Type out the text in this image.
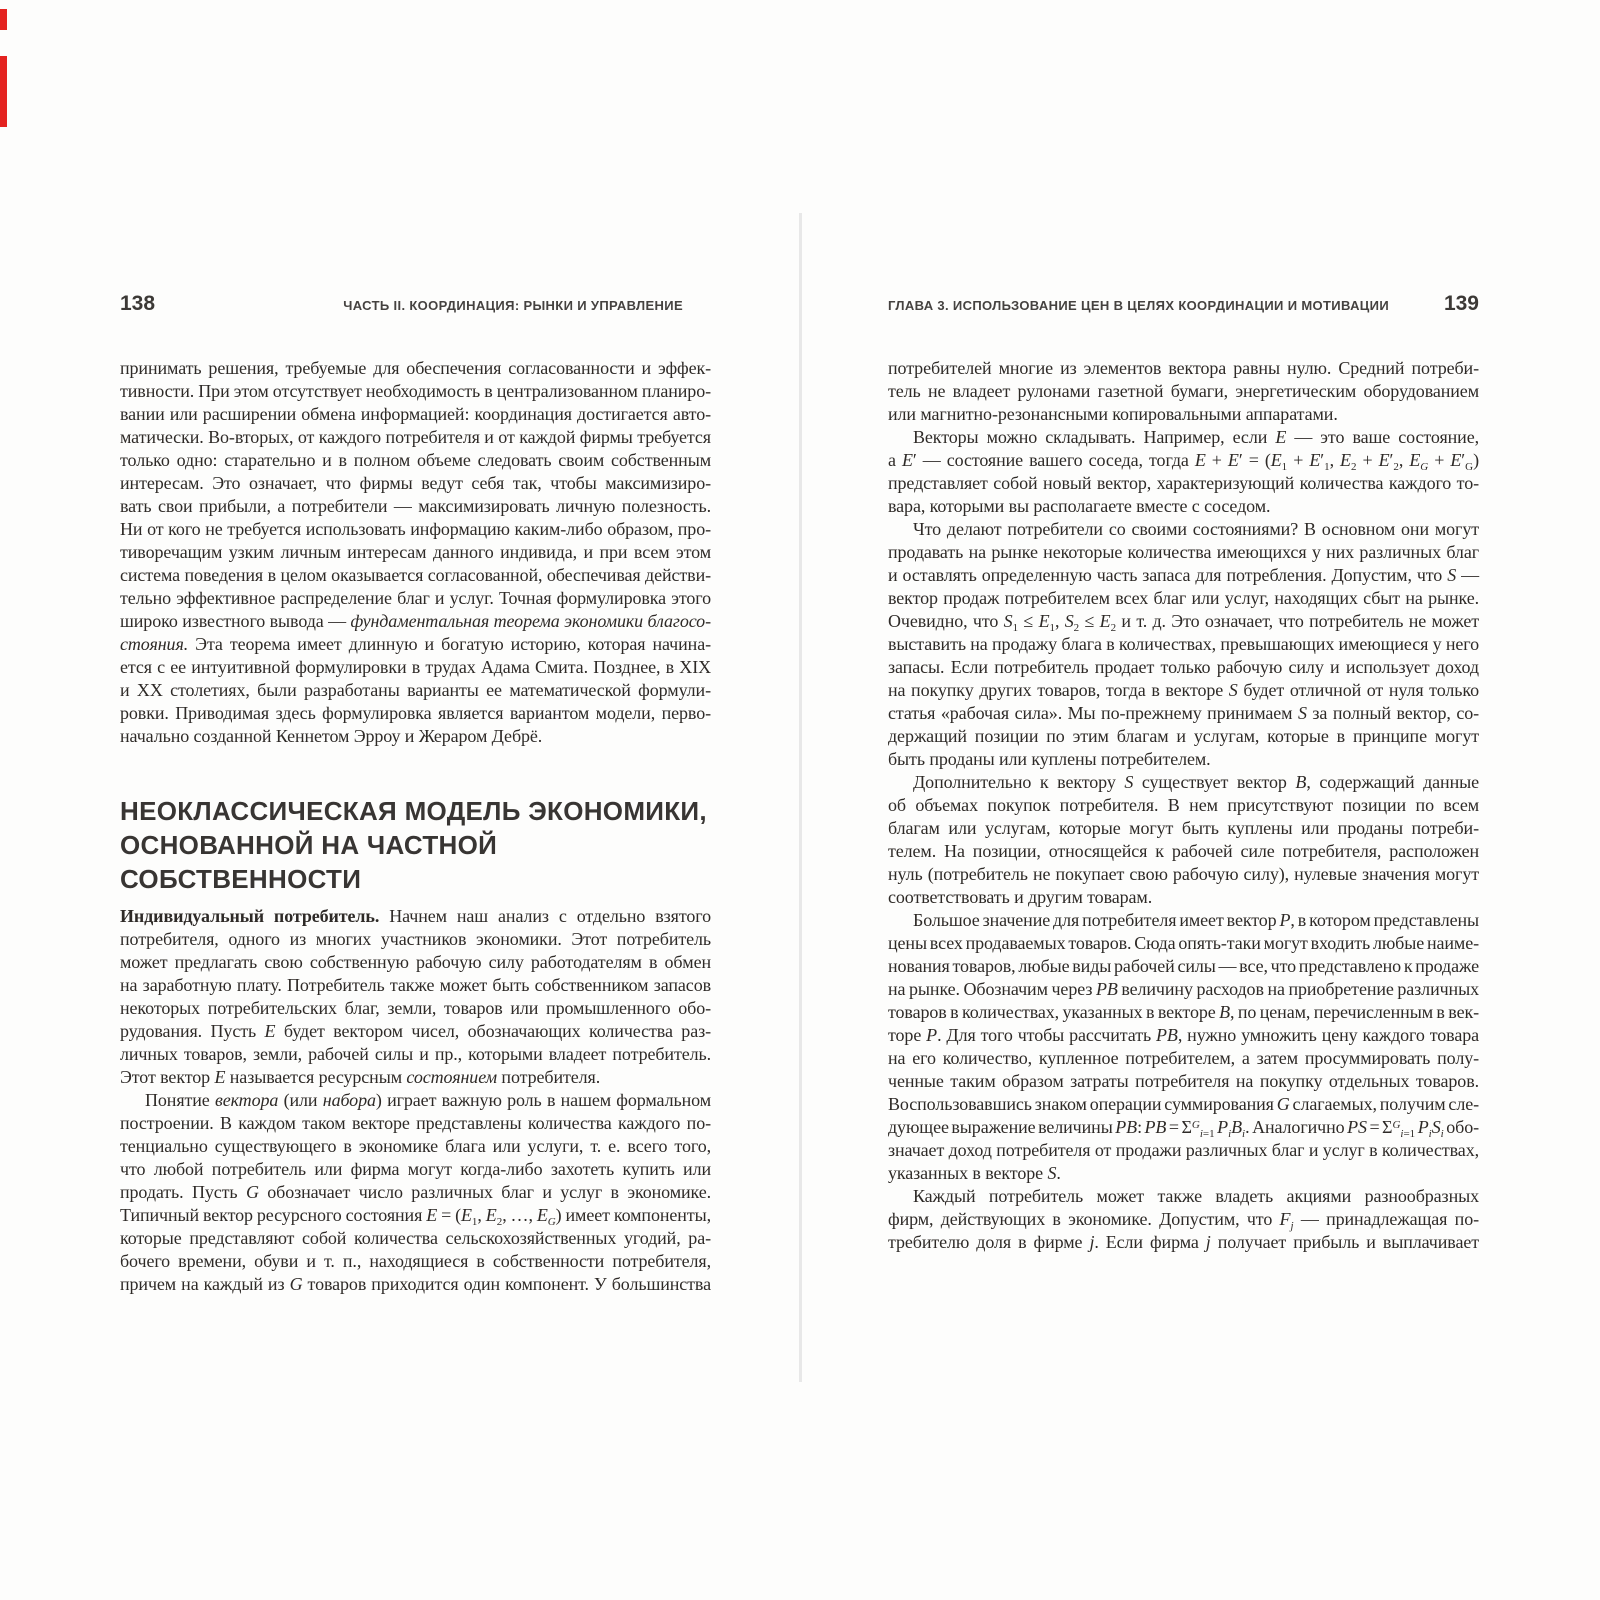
138	ЧАСТЬ II. КООРДИНАЦИЯ: РЫНКИ И УПРАВЛЕНИЕ
принимать решения, требуемые для обеспечения согласованности и эффек-
тивности. При этом отсутствует необходимость в централизованном планиро-
вании или расширении обмена информацией: координация достигается авто-
матически. Во-вторых, от каждого потребителя и от каждой фирмы требуется
только одно: старательно и в полном объеме следовать своим собственным
интересам. Это означает, что фирмы ведут себя так, чтобы максимизиро-
вать свои прибыли, а потребители — максимизировать личную полезность.
Ни от кого не требуется использовать информацию каким-либо образом, про-
тиворечащим узким личным интересам данного индивида, и при всем этом
система поведения в целом оказывается согласованной, обеспечивая действи-
тельно эффективное распределение благ и услуг. Точная формулировка этого
широко известного вывода — фундаментальная теорема экономики благосо-
стояния. Эта теорема имеет длинную и богатую историю, которая начина-
ется с ее интуитивной формулировки в трудах Адама Смита. Позднее, в XIX
и XX столетиях, были разработаны варианты ее математической формули-
ровки. Приводимая здесь формулировка является вариантом модели, перво-
начально созданной Кеннетом Эрроу и Жераром Дебрё.
НЕОКЛАССИЧЕСКАЯ МОДЕЛЬ ЭКОНОМИКИ,
ОСНОВАННОЙ НА ЧАСТНОЙ СОБСТВЕННОСТИ
Индивидуальный потребитель. Начнем наш анализ с отдельно взятого
потребителя, одного из многих участников экономики. Этот потребитель
может предлагать свою собственную рабочую силу работодателям в обмен
на заработную плату. Потребитель также может быть собственником запасов
некоторых потребительских благ, земли, товаров или промышленного обо-
рудования. Пусть E будет вектором чисел, обозначающих количества раз-
личных товаров, земли, рабочей силы и пр., которыми владеет потребитель.
Этот вектор E называется ресурсным состоянием потребителя.
Понятие вектора (или набора) играет важную роль в нашем формальном
построении. В каждом таком векторе представлены количества каждого по-
тенциально существующего в экономике блага или услуги, т. е. всего того,
что любой потребитель или фирма могут когда-либо захотеть купить или
продать. Пусть G обозначает число различных благ и услуг в экономике.
Типичный вектор ресурсного состояния $E = (E_1$, $E_2$, …, $E_G$) имеет компоненты,
которые представляют собой количества сельскохозяйственных угодий, ра-
бочего времени, обуви и т. п., находящиеся в собственности потребителя,
причем на каждый из G товаров приходится один компонент. У большинства
ГЛАВА 3. ИСПОЛЬЗОВАНИЕ ЦЕН В ЦЕЛЯХ КООРДИНАЦИИ И МОТИВАЦИИ	139
потребителей многие из элементов вектора равны нулю. Средний потреби-
тель не владеет рулонами газетной бумаги, энергетическим оборудованием
или магнитно-резонансными копировальными аппаратами.
Векторы можно складывать. Например, если E — это ваше состояние,
а E′ — состояние вашего соседа, тогда $E + E' = (E_1 + E'_1$, $E_2 + E'_2$, $E_G + E'_G$)
представляет собой новый вектор, характеризующий количества каждого то-
вара, которыми вы располагаете вместе с соседом.
Что делают потребители со своими состояниями? В основном они могут
продавать на рынке некоторые количества имеющихся у них различных благ
и оставлять определенную часть запаса для потребления. Допустим, что S —
вектор продаж потребителем всех благ или услуг, находящих сбыт на рынке.
Очевидно, что $S_1 \le E_1$, $S_2 \le E_2$ и т. д. Это означает, что потребитель не может
выставить на продажу блага в количествах, превышающих имеющиеся у него
запасы. Если потребитель продает только рабочую силу и использует доход
на покупку других товаров, тогда в векторе S будет отличной от нуля только
статья «рабочая сила». Мы по-прежнему принимаем S за полный вектор, со-
держащий позиции по этим благам и услугам, которые в принципе могут
быть проданы или куплены потребителем.
Дополнительно к вектору S существует вектор B, содержащий данные
об объемах покупок потребителя. В нем присутствуют позиции по всем
благам или услугам, которые могут быть куплены или проданы потреби-
телем. На позиции, относящейся к рабочей силе потребителя, расположен
нуль (потребитель не покупает свою рабочую силу), нулевые значения могут
соответствовать и другим товарам.
Большое значение для потребителя имеет вектор P, в котором представлены
цены всех продаваемых товаров. Сюда опять-таки могут входить любые наиме-
нования товаров, любые виды рабочей силы — все, что представлено к продаже
на рынке. Обозначим через PB величину расходов на приобретение различных
товаров в количествах, указанных в векторе B, по ценам, перечисленным в век-
торе P. Для того чтобы рассчитать PB, нужно умножить цену каждого товара
на его количество, купленное потребителем, а затем просуммировать полу-
ченные таким образом затраты потребителя на покупку отдельных товаров.
Воспользовавшись знаком операции суммирования G слагаемых, получим сле-
дующее выражение величины PB: PB = $\Sigma^G_{i=1}$ $P_iB_i$. Аналогично PS = $\Sigma^G_{i=1}$ $P_iS_i$ обо-
значает доход потребителя от продажи различных благ и услуг в количествах,
указанных в векторе S.
Каждый потребитель может также владеть акциями разнообразных
фирм, действующих в экономике. Допустим, что $F_j$ — принадлежащая по-
требителю доля в фирме j. Если фирма j получает прибыль и выплачивает
